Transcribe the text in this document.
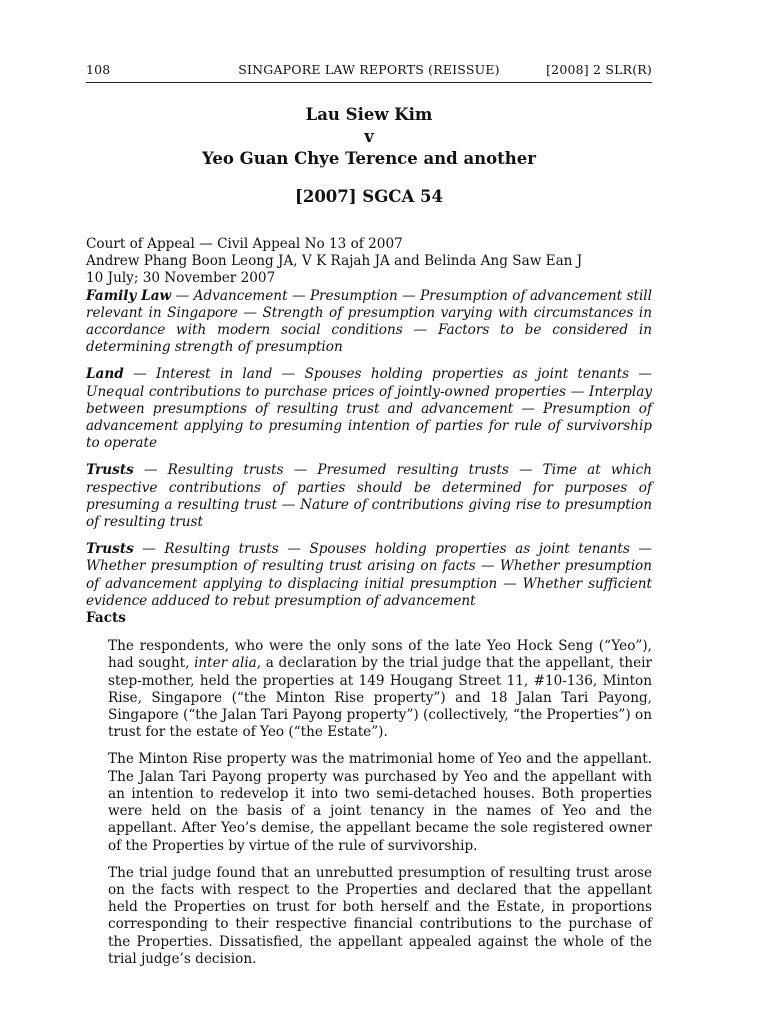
108	SINGAPORE LAW REPORTS (REISSUE)	[2008] 2 SLR(R)
Lau Siew Kim
v
Yeo Guan Chye Terence and another
[2007] SGCA 54

Court of Appeal — Civil Appeal No 13 of 2007

Andrew Phang Boon Leong JA, V K Rajah JA and Belinda Ang Saw Ean J

10 July; 30 November 2007

Family Law — Advancement — Presumption — Presumption of advancement still relevant in Singapore — Strength of presumption varying with circumstances in accordance with modern social conditions — Factors to be considered in determining strength of presumption

Land — Interest in land — Spouses holding properties as joint tenants — Unequal contributions to purchase prices of jointly-owned properties — Interplay between presumptions of resulting trust and advancement — Presumption of advancement applying to presuming intention of parties for rule of survivorship to operate

Trusts — Resulting trusts — Presumed resulting trusts — Time at which respective contributions of parties should be determined for purposes of presuming a resulting trust — Nature of contributions giving rise to presumption of resulting trust

Trusts — Resulting trusts — Spouses holding properties as joint tenants — Whether presumption of resulting trust arising on facts — Whether presumption of advancement applying to displacing initial presumption — Whether sufficient evidence adduced to rebut presumption of advancement

Facts

The respondents, who were the only sons of the late Yeo Hock Seng (“Yeo”), had sought, inter alia, a declaration by the trial judge that the appellant, their step-mother, held the properties at 149 Hougang Street 11, #10-136, Minton Rise, Singapore (“the Minton Rise property”) and 18 Jalan Tari Payong, Singapore (“the Jalan Tari Payong property”) (collectively, “the Properties”) on trust for the estate of Yeo (“the Estate”).

The Minton Rise property was the matrimonial home of Yeo and the appellant. The Jalan Tari Payong property was purchased by Yeo and the appellant with an intention to redevelop it into two semi-detached houses. Both properties were held on the basis of a joint tenancy in the names of Yeo and the appellant. After Yeo’s demise, the appellant became the sole registered owner of the Properties by virtue of the rule of survivorship.

The trial judge found that an unrebutted presumption of resulting trust arose on the facts with respect to the Properties and declared that the appellant held the Properties on trust for both herself and the Estate, in proportions corresponding to their respective financial contributions to the purchase of the Properties. Dissatisfied, the appellant appealed against the whole of the trial judge’s decision.
